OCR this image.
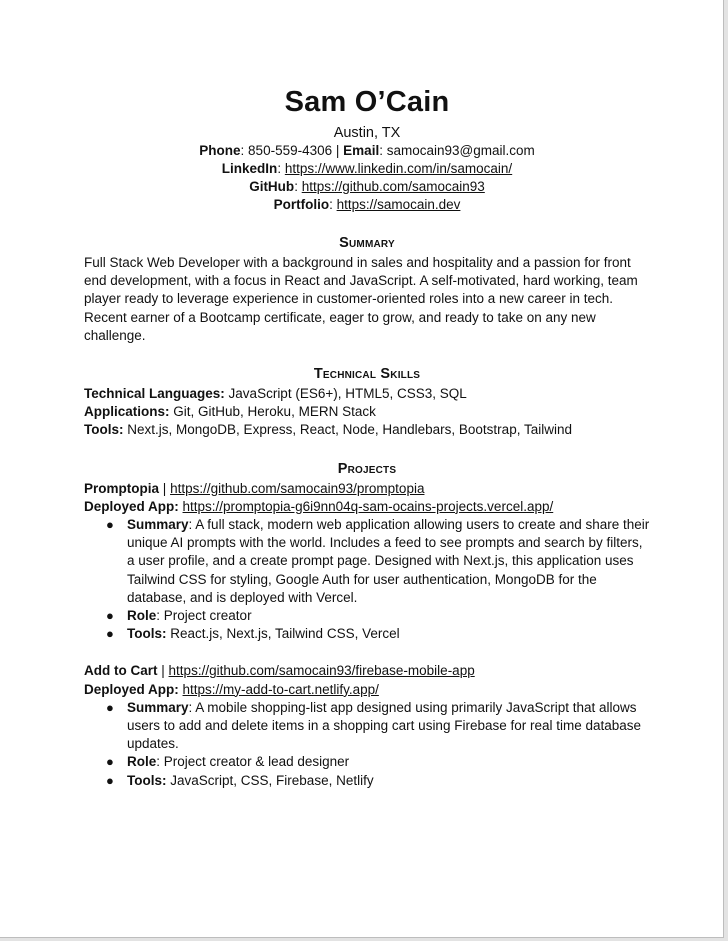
Sam O’Cain
Austin, TX
Phone: 850-559-4306 | Email: samocain93@gmail.com
LinkedIn: https://www.linkedin.com/in/samocain/
GitHub: https://github.com/samocain93
Portfolio: https://samocain.dev
Summary
Full Stack Web Developer with a background in sales and hospitality and a passion for front end development, with a focus in React and JavaScript. A self-motivated, hard working, team player ready to leverage experience in customer-oriented roles into a new career in tech. Recent earner of a Bootcamp certificate, eager to grow, and ready to take on any new challenge.
Technical Skills
Technical Languages: JavaScript (ES6+), HTML5, CSS3, SQL
Applications: Git, GitHub, Heroku, MERN Stack
Tools: Next.js, MongoDB, Express, React, Node, Handlebars, Bootstrap, Tailwind
Projects
Promptopia | https://github.com/samocain93/promptopia
Deployed App: https://promptopia-g6i9nn04q-sam-ocains-projects.vercel.app/
● Summary: A full stack, modern web application allowing users to create and share their unique AI prompts with the world. Includes a feed to see prompts and search by filters, a user profile, and a create prompt page. Designed with Next.js, this application uses Tailwind CSS for styling, Google Auth for user authentication, MongoDB for the database, and is deployed with Vercel.
● Role: Project creator
● Tools: React.js, Next.js, Tailwind CSS, Vercel
Add to Cart | https://github.com/samocain93/firebase-mobile-app
Deployed App: https://my-add-to-cart.netlify.app/
● Summary: A mobile shopping-list app designed using primarily JavaScript that allows users to add and delete items in a shopping cart using Firebase for real time database updates.
● Role: Project creator & lead designer
● Tools: JavaScript, CSS, Firebase, Netlify
